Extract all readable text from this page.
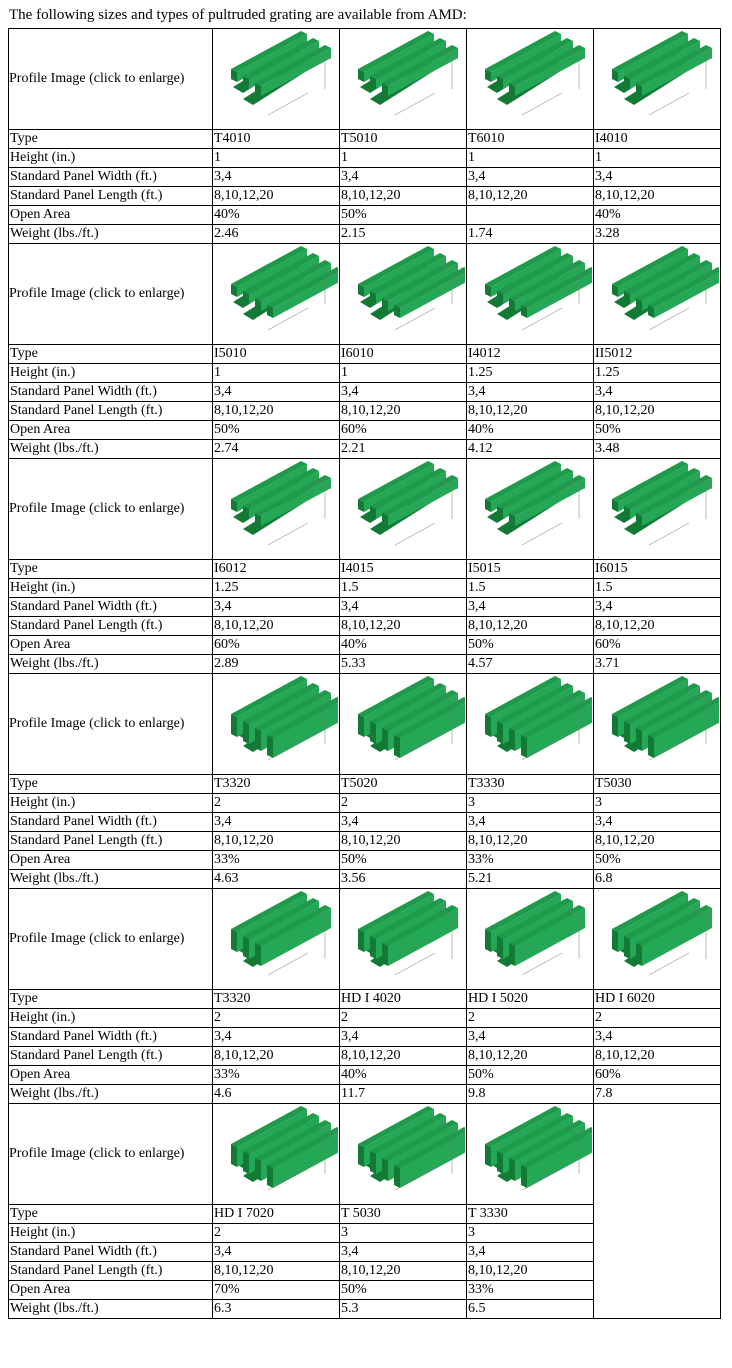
The following sizes and types of pultruded grating are available from AMD:
Profile Image (click to enlarge)	

Type	T4010	T5010	T6010	I4010
Height (in.)	1	1	1	1
Standard Panel Width (ft.)	3,4	3,4	3,4	3,4
Standard Panel Length (ft.)	8,10,12,20	8,10,12,20	8,10,12,20	8,10,12,20
Open Area	40%	50%		40%
Weight (lbs./ft.)	2.46	2.15	1.74	3.28
Profile Image (click to enlarge)	

Type	I5010	I6010	I4012	II5012
Height (in.)	1	1	1.25	1.25
Standard Panel Width (ft.)	3,4	3,4	3,4	3,4
Standard Panel Length (ft.)	8,10,12,20	8,10,12,20	8,10,12,20	8,10,12,20
Open Area	50%	60%	40%	50%
Weight (lbs./ft.)	2.74	2.21	4.12	3.48
Profile Image (click to enlarge)	

Type	I6012	I4015	I5015	I6015
Height (in.)	1.25	1.5	1.5	1.5
Standard Panel Width (ft.)	3,4	3,4	3,4	3,4
Standard Panel Length (ft.)	8,10,12,20	8,10,12,20	8,10,12,20	8,10,12,20
Open Area	60%	40%	50%	60%
Weight (lbs./ft.)	2.89	5.33	4.57	3.71
Profile Image (click to enlarge)	

Type	T3320	T5020	T3330	T5030
Height (in.)	2	2	3	3
Standard Panel Width (ft.)	3,4	3,4	3,4	3,4
Standard Panel Length (ft.)	8,10,12,20	8,10,12,20	8,10,12,20	8,10,12,20
Open Area	33%	50%	33%	50%
Weight (lbs./ft.)	4.63	3.56	5.21	6.8
Profile Image (click to enlarge)	

Type	T3320	HD I 4020	HD I 5020	HD I 6020
Height (in.)	2	2	2	2
Standard Panel Width (ft.)	3,4	3,4	3,4	3,4
Standard Panel Length (ft.)	8,10,12,20	8,10,12,20	8,10,12,20	8,10,12,20
Open Area	33%	40%	50%	60%
Weight (lbs./ft.)	4.6	11.7	9.8	7.8
Profile Image (click to enlarge)	

Type	HD I 7020	T 5030	T 3330	
Height (in.)	2	3	3	
Standard Panel Width (ft.)	3,4	3,4	3,4	
Standard Panel Length (ft.)	8,10,12,20	8,10,12,20	8,10,12,20	
Open Area	70%	50%	33%	
Weight (lbs./ft.)	6.3	5.3	6.5	
